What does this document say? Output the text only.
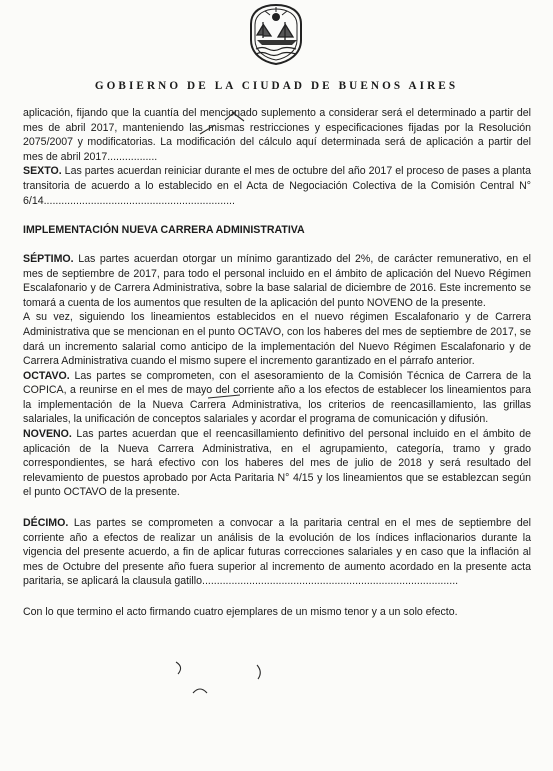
GOBIERNO DE LA CIUDAD DE BUENOS AIRES

aplicación, fijando que la cuantía del mencionado suplemento a considerar será el determinado a partir del mes de abril 2017, manteniendo las mismas restricciones y especificaciones fijadas por la Resolución 2075/2007 y modificatorias. La modificación del cálculo aquí determinada será de aplicación a partir del mes de abril 2017.................

SEXTO. Las partes acuerdan reiniciar durante el mes de octubre del año 2017 el proceso de pases a planta transitoria de acuerdo a lo establecido en el Acta de Negociación Colectiva de la Comisión Central N° 6/14.................................................................

IMPLEMENTACIÓN NUEVA CARRERA ADMINISTRATIVA

SÉPTIMO. Las partes acuerdan otorgar un mínimo garantizado del 2%, de carácter remunerativo, en el mes de septiembre de 2017, para todo el personal incluido en el ámbito de aplicación del Nuevo Régimen Escalafonario y de Carrera Administrativa, sobre la base salarial de diciembre de 2016. Este incremento se tomará a cuenta de los aumentos que resulten de la aplicación del punto NOVENO de la presente.

A su vez, siguiendo los lineamientos establecidos en el nuevo régimen Escalafonario y de Carrera Administrativa que se mencionan en el punto OCTAVO, con los haberes del mes de septiembre de 2017, se dará un incremento salarial como anticipo de la implementación del Nuevo Régimen Escalafonario y de Carrera Administrativa cuando el mismo supere el incremento garantizado en el párrafo anterior.

OCTAVO. Las partes se comprometen, con el asesoramiento de la Comisión Técnica de Carrera de la COPICA, a reunirse en el mes de mayo del corriente año a los efectos de establecer los lineamientos para la implementación de la Nueva Carrera Administrativa, los criterios de reencasillamiento, las grillas salariales, la unificación de conceptos salariales y acordar el programa de comunicación y difusión.

NOVENO. Las partes acuerdan que el reencasillamiento definitivo del personal incluido en el ámbito de aplicación de la Nueva Carrera Administrativa, en el agrupamiento, categoría, tramo y grado correspondientes, se hará efectivo con los haberes del mes de julio de 2018 y será resultado del relevamiento de puestos aprobado por Acta Paritaria N° 4/15 y los lineamientos que se establezcan según el punto OCTAVO de la presente.

DÉCIMO. Las partes se comprometen a convocar a la paritaria central en el mes de septiembre del corriente año a efectos de realizar un análisis de la evolución de los índices inflacionarios durante la vigencia del presente acuerdo, a fin de aplicar futuras correcciones salariales y en caso que la inflación al mes de Octubre del presente año fuera superior al incremento de aumento acordado en la presente acta paritaria, se aplicará la clausula gatillo.......................................................................................

Con lo que termino el acto firmando cuatro ejemplares de un mismo tenor y a un solo efecto.
